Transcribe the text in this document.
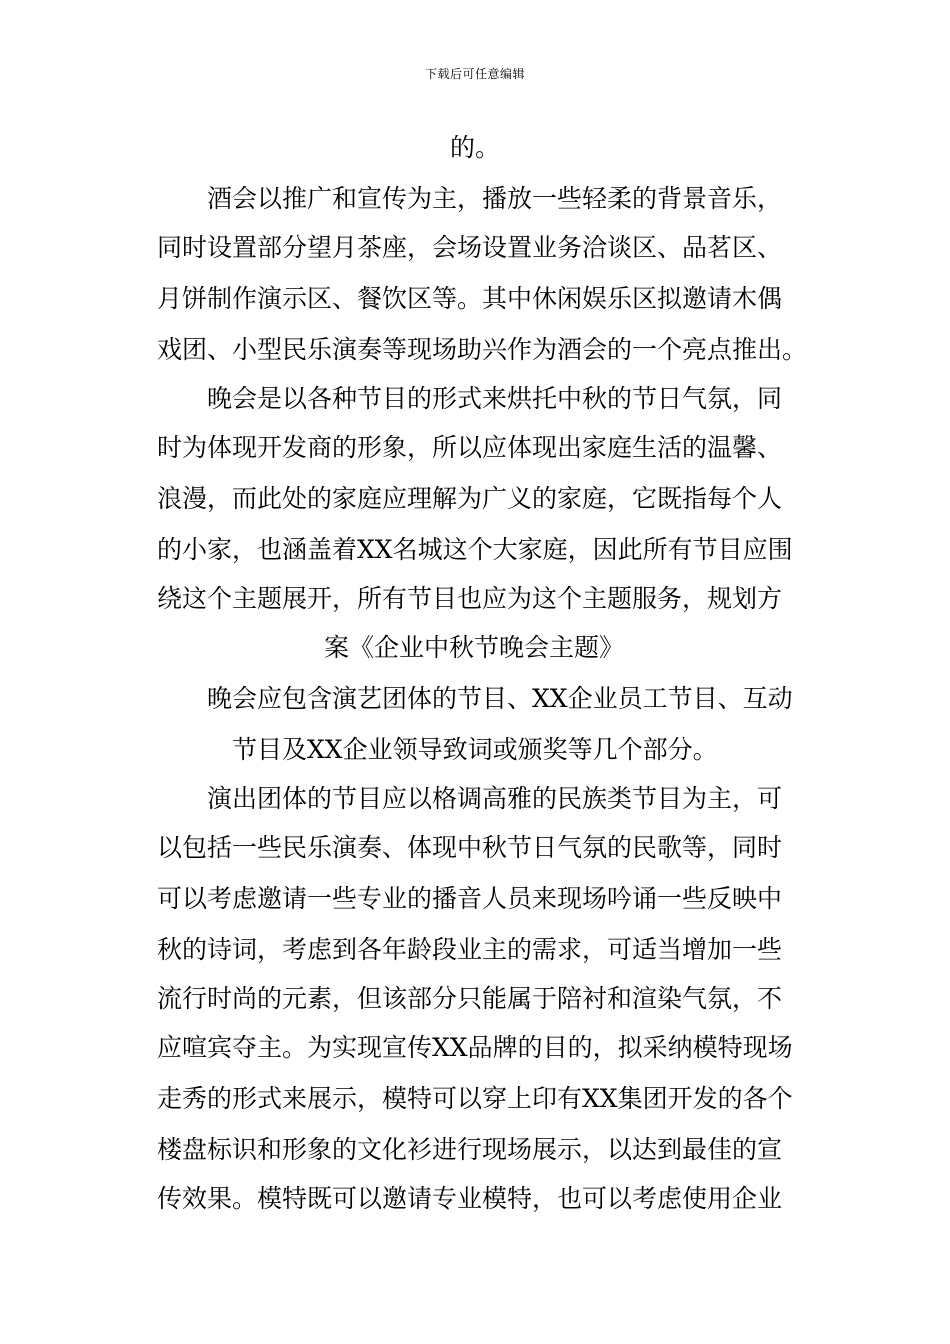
下载后可任意编辑
的。
酒会以推广和宣传为主，播放一些轻柔的背景音乐，
同时设置部分望月茶座，会场设置业务洽谈区、品茗区、
月饼制作演示区、餐饮区等。其中休闲娱乐区拟邀请木偶
戏团、小型民乐演奏等现场助兴作为酒会的一个亮点推出。
晚会是以各种节目的形式来烘托中秋的节日气氛，同
时为体现开发商的形象，所以应体现出家庭生活的温馨、
浪漫，而此处的家庭应理解为广义的家庭，它既指每个人
的小家，也涵盖着XX名城这个大家庭，因此所有节目应围
绕这个主题展开，所有节目也应为这个主题服务，规划方
案《企业中秋节晚会主题》
晚会应包含演艺团体的节目、XX企业员工节目、互动
节目及XX企业领导致词或颁奖等几个部分。
演出团体的节目应以格调高雅的民族类节目为主，可
以包括一些民乐演奏、体现中秋节日气氛的民歌等，同时
可以考虑邀请一些专业的播音人员来现场吟诵一些反映中
秋的诗词，考虑到各年龄段业主的需求，可适当增加一些
流行时尚的元素，但该部分只能属于陪衬和渲染气氛，不
应喧宾夺主。为实现宣传XX品牌的目的，拟采纳模特现场
走秀的形式来展示，模特可以穿上印有XX集团开发的各个
楼盘标识和形象的文化衫进行现场展示，以达到最佳的宣
传效果。模特既可以邀请专业模特，也可以考虑使用企业
